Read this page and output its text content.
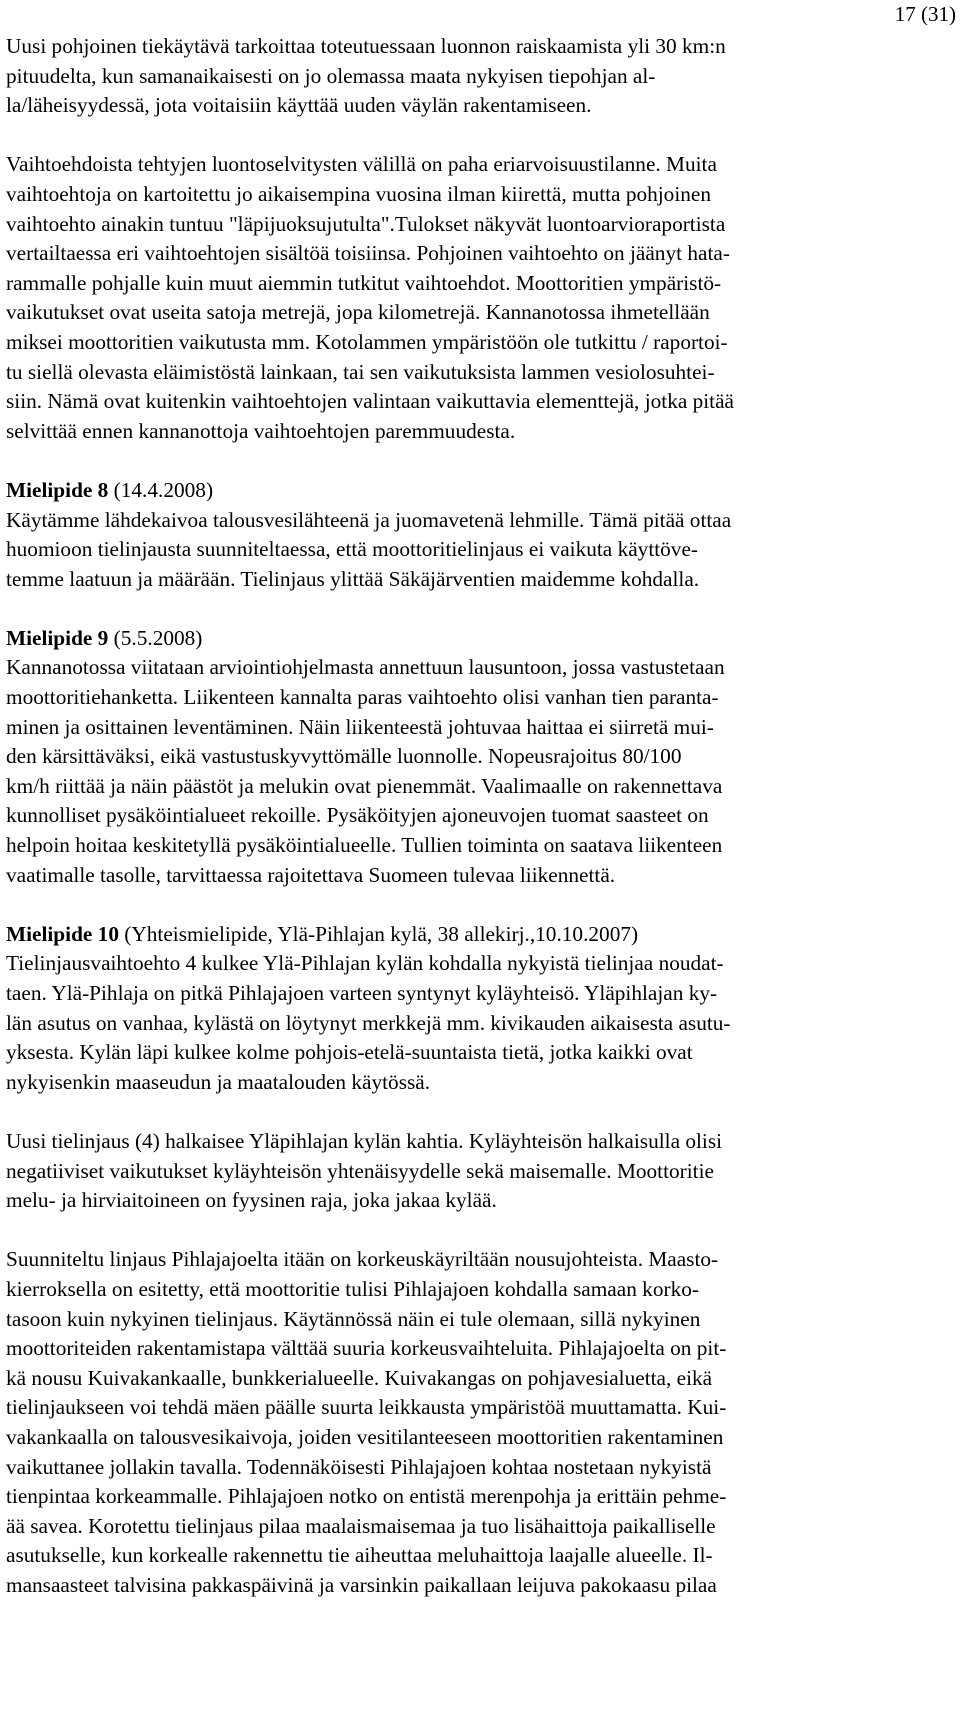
17 (31)
Uusi pohjoinen tiekäytävä tarkoittaa toteutuessaan luonnon raiskaamista yli 30 km:n
pituudelta, kun samanaikaisesti on jo olemassa maata nykyisen tiepohjan al-
la/läheisyydessä, jota voitaisiin käyttää uuden väylän rakentamiseen.
Vaihtoehdoista tehtyjen luontoselvitysten välillä on paha eriarvoisuustilanne. Muita
vaihtoehtoja on kartoitettu jo aikaisempina vuosina ilman kiirettä, mutta pohjoinen
vaihtoehto ainakin tuntuu "läpijuoksujutulta".Tulokset näkyvät luontoarvioraportista
vertailtaessa eri vaihtoehtojen sisältöä toisiinsa. Pohjoinen vaihtoehto on jäänyt hata-
rammalle pohjalle kuin muut aiemmin tutkitut vaihtoehdot. Moottoritien ympäristö-
vaikutukset ovat useita satoja metrejä, jopa kilometrejä. Kannanotossa ihmetellään
miksei moottoritien vaikutusta mm. Kotolammen ympäristöön ole tutkittu / raportoi-
tu siellä olevasta eläimistöstä lainkaan, tai sen vaikutuksista lammen vesiolosuhtei-
siin. Nämä ovat kuitenkin vaihtoehtojen valintaan vaikuttavia elementtejä, jotka pitää
selvittää ennen kannanottoja vaihtoehtojen paremmuudesta.
Mielipide 8 (14.4.2008)
Käytämme lähdekaivoa talousvesilähteenä ja juomavetenä lehmille. Tämä pitää ottaa
huomioon tielinjausta suunniteltaessa, että moottoritielinjaus ei vaikuta käyttöve-
temme laatuun ja määrään. Tielinjaus ylittää Säkäjärventien maidemme kohdalla.
Mielipide 9 (5.5.2008)
Kannanotossa viitataan arviointiohjelmasta annettuun lausuntoon, jossa vastustetaan
moottoritiehanketta. Liikenteen kannalta paras vaihtoehto olisi vanhan tien paranta-
minen ja osittainen leventäminen. Näin liikenteestä johtuvaa haittaa ei siirretä mui-
den kärsittäväksi, eikä vastustuskyvyttömälle luonnolle. Nopeusrajoitus 80/100
km/h riittää ja näin päästöt ja melukin ovat pienemmät. Vaalimaalle on rakennettava
kunnolliset pysäköintialueet rekoille. Pysäköityjen ajoneuvojen tuomat saasteet on
helpoin hoitaa keskitetyllä pysäköintialueelle. Tullien toiminta on saatava liikenteen
vaatimalle tasolle, tarvittaessa rajoitettava Suomeen tulevaa liikennettä.
Mielipide 10 (Yhteismielipide, Ylä-Pihlajan kylä, 38 allekirj.,10.10.2007)
Tielinjausvaihtoehto 4 kulkee Ylä-Pihlajan kylän kohdalla nykyistä tielinjaa noudat-
taen. Ylä-Pihlaja on pitkä Pihlajajoen varteen syntynyt kyläyhteisö. Yläpihlajan ky-
län asutus on vanhaa, kylästä on löytynyt merkkejä mm. kivikauden aikaisesta asutu-
yksesta. Kylän läpi kulkee kolme pohjois-etelä-suuntaista tietä, jotka kaikki ovat
nykyisenkin maaseudun ja maatalouden käytössä.
Uusi tielinjaus (4) halkaisee Yläpihlajan kylän kahtia. Kyläyhteisön halkaisulla olisi
negatiiviset vaikutukset kyläyhteisön yhtenäisyydelle sekä maisemalle. Moottoritie
melu- ja hirviaitoineen on fyysinen raja, joka jakaa kylää.
Suunniteltu linjaus Pihlajajoelta itään on korkeuskäyriltään nousujohteista. Maasto-
kierroksella on esitetty, että moottoritie tulisi Pihlajajoen kohdalla samaan korko-
tasoon kuin nykyinen tielinjaus. Käytännössä näin ei tule olemaan, sillä nykyinen
moottoriteiden rakentamistapa välttää suuria korkeusvaihteluita. Pihlajajoelta on pit-
kä nousu Kuivakankaalle, bunkkerialueelle. Kuivakangas on pohjavesialuetta, eikä
tielinjaukseen voi tehdä mäen päälle suurta leikkausta ympäristöä muuttamatta. Kui-
vakankaalla on talousvesikaivoja, joiden vesitilanteeseen moottoritien rakentaminen
vaikuttanee jollakin tavalla. Todennäköisesti Pihlajajoen kohtaa nostetaan nykyistä
tienpintaa korkeammalle. Pihlajajoen notko on entistä merenpohja ja erittäin pehme-
ää savea. Korotettu tielinjaus pilaa maalaismaisemaa ja tuo lisähaittoja paikalliselle
asutukselle, kun korkealle rakennettu tie aiheuttaa meluhaittoja laajalle alueelle. Il-
mansaasteet talvisina pakkaspäivinä ja varsinkin paikallaan leijuva pakokaasu pilaa
